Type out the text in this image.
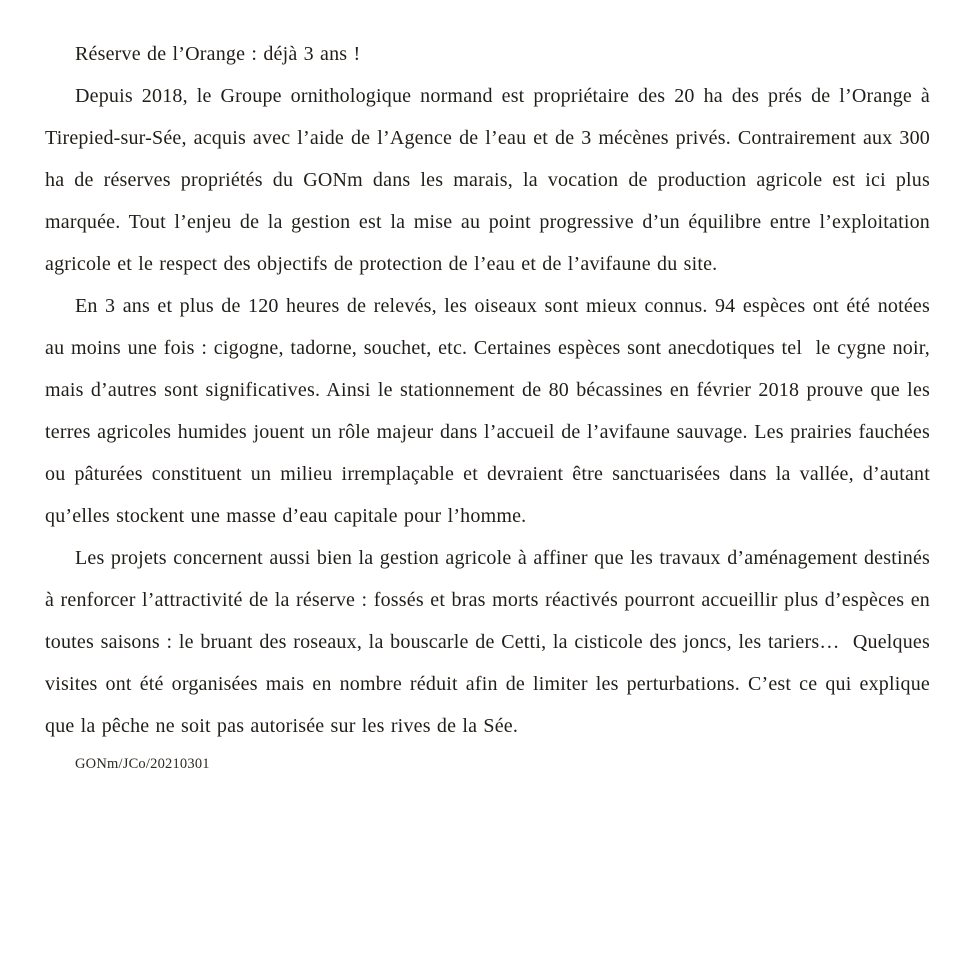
Réserve de l’Orange : déjà 3 ans !

Depuis 2018, le Groupe ornithologique normand est propriétaire des 20 ha des prés de l’Orange à Tirepied-sur-Sée, acquis avec l’aide de l’Agence de l’eau et de 3 mécènes privés. Contrairement aux 300 ha de réserves propriétés du GONm dans les marais, la vocation de production agricole est ici plus marquée. Tout l’enjeu de la gestion est la mise au point progressive d’un équilibre entre l’exploitation agricole et le respect des objectifs de protection de l’eau et de l’avifaune du site.

En 3 ans et plus de 120 heures de relevés, les oiseaux sont mieux connus. 94 espèces ont été notées au moins une fois : cigogne, tadorne, souchet, etc. Certaines espèces sont anecdotiques tel  le cygne noir, mais d’autres sont significatives. Ainsi le stationnement de 80 bécassines en février 2018 prouve que les terres agricoles humides jouent un rôle majeur dans l’accueil de l’avifaune sauvage. Les prairies fauchées ou pâturées constituent un milieu irremplaçable et devraient être sanctuarisées dans la vallée, d’autant qu’elles stockent une masse d’eau capitale pour l’homme.

Les projets concernent aussi bien la gestion agricole à affiner que les travaux d’aménagement destinés à renforcer l’attractivité de la réserve : fossés et bras morts réactivés pourront accueillir plus d’espèces en toutes saisons : le bruant des roseaux, la bouscarle de Cetti, la cisticole des joncs, les tariers…  Quelques visites ont été organisées mais en nombre réduit afin de limiter les perturbations. C’est ce qui explique que la pêche ne soit pas autorisée sur les rives de la Sée.

GONm/JCo/20210301
